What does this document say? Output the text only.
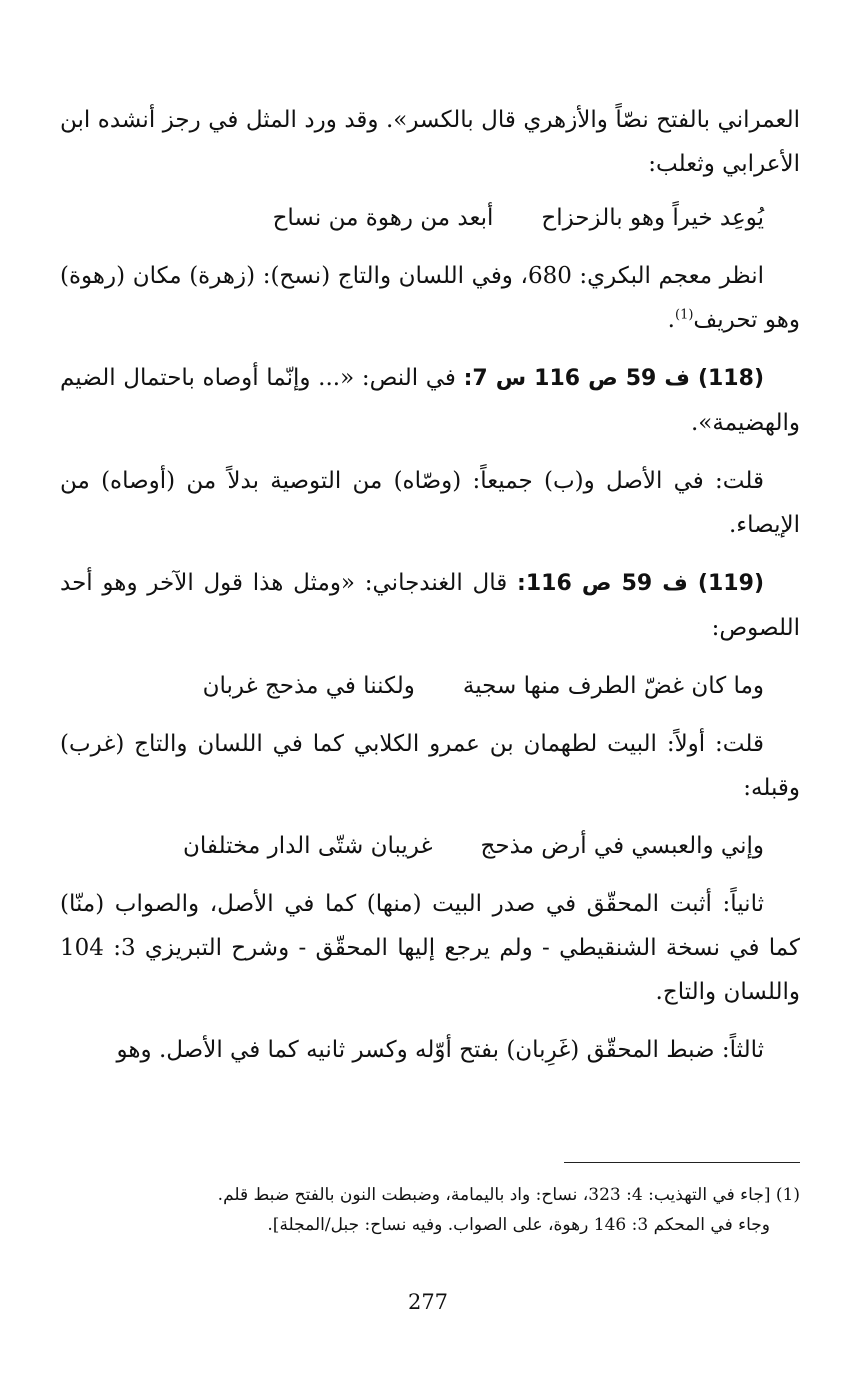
العمراني بالفتح نصّاً والأزهري قال بالكسر». وقد ورد المثل في رجز أنشده ابن الأعرابي وثعلب:

يُوعِد خيراً وهو بالزحزاح
أبعد من رهوة من نساح

انظر معجم البكري: 680، وفي اللسان والتاج (نسح): (زهرة) مكان (رهوة) وهو تحريف$^{(1)}$.

(118) ف 59 ص 116 س 7: في النص: «... وإنّما أوصاه باحتمال الضيم والهضيمة».

قلت: في الأصل و(ب) جميعاً: (وصّاه) من التوصية بدلاً من (أوصاه) من الإيصاء.

(119) ف 59 ص 116: قال الغندجاني: «ومثل هذا قول الآخر وهو أحد اللصوص:

وما كان غضّ الطرف منها سجية
ولكننا في مذحج غربان

قلت: أولاً: البيت لطهمان بن عمرو الكلابي كما في اللسان والتاج (غرب) وقبله:

وإني والعبسي في أرض مذحج
غريبان شتّى الدار مختلفان

ثانياً: أثبت المحقّق في صدر البيت (منها) كما في الأصل، والصواب (منّا) كما في نسخة الشنقيطي - ولم يرجع إليها المحقّق - وشرح التبريزي 3: 104 واللسان والتاج.

ثالثاً: ضبط المحقّق (غَرِبان) بفتح أوّله وكسر ثانيه كما في الأصل. وهو

(1) [جاء في التهذيب: 4: 323، نساح: واد باليمامة، وضبطت النون بالفتح ضبط قلم.

وجاء في المحكم 3: 146 رهوة، على الصواب. وفيه نساح: جبل/المجلة].

277
